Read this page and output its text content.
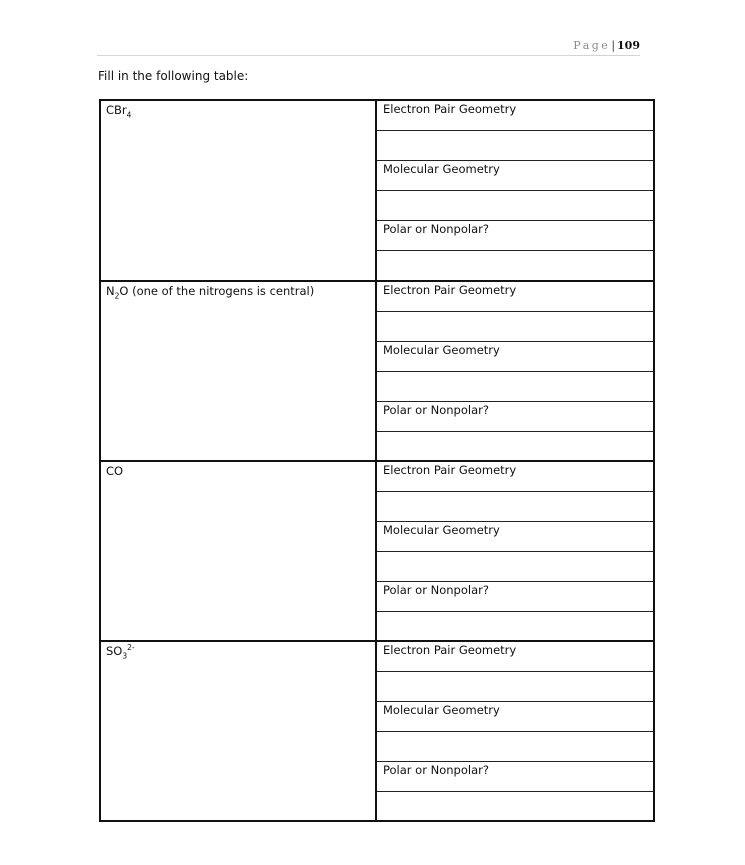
Page| 109
Fill in the following table:
CBr$_4$	Electron Pair Geometry
Molecular Geometry
Polar or Nonpolar?
$N_2O$ (one of the nitrogens is central)	Electron Pair Geometry
Molecular Geometry
Polar or Nonpolar?
CO	Electron Pair Geometry
Molecular Geometry
Polar or Nonpolar?
$SO_3^{2-}$	Electron Pair Geometry
Molecular Geometry
Polar or Nonpolar?
